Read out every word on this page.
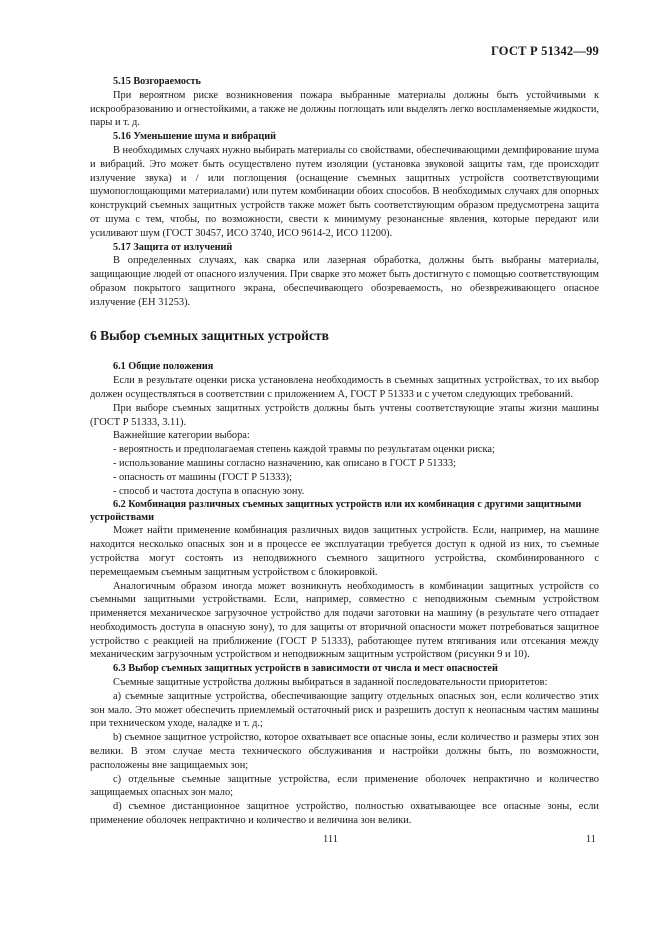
ГОСТ Р 51342—99

5.15 Возгораемость

При вероятном риске возникновения пожара выбранные материалы должны быть устойчивыми к искрообразованию и огнестойкими, а также не должны поглощать или выделять легко воспламеняемые жидкости, пары и т. д.

5.16 Уменьшение шума и вибраций

В необходимых случаях нужно выбирать материалы со свойствами, обеспечивающими демпфирование шума и вибраций. Это может быть осуществлено путем изоляции (установка звуковой защиты там, где происходит излучение звука) и / или поглощения (оснащение съемных защитных устройств соответствующими шумопоглощающими материалами) или путем комбинации обоих способов. В необходимых случаях для опорных конструкций съемных защитных устройств также может быть соответствующим образом предусмотрена защита от шума с тем, чтобы, по возможности, свести к минимуму резонансные явления, которые передают или усиливают шум (ГОСТ 30457, ИСО 3740, ИСО 9614-2, ИСО 11200).

5.17 Защита от излучений

В определенных случаях, как сварка или лазерная обработка, должны быть выбраны материалы, защищающие людей от опасного излучения. При сварке это может быть достигнуто с помощью соответствующим образом покрытого защитного экрана, обеспечивающего обозреваемость, но обезвреживающего опасное излучение (ЕН 31253).

6 Выбор съемных защитных устройств

6.1 Общие положения

Если в результате оценки риска установлена необходимость в съемных защитных устройствах, то их выбор должен осуществляться в соответствии с приложением А, ГОСТ Р 51333 и с учетом следующих требований.

При выборе съемных защитных устройств должны быть учтены соответствующие этапы жизни машины (ГОСТ Р 51333, 3.11).

Важнейшие категории выбора:

- вероятность и предполагаемая степень каждой травмы по результатам оценки риска;

- использование машины согласно назначению, как описано в ГОСТ Р 51333;

- опасность от машины (ГОСТ Р 51333);

- способ и частота доступа в опасную зону.

6.2 Комбинация различных съемных защитных устройств или их комбинация с другими защитными устройствами

Может найти применение комбинация различных видов защитных устройств. Если, например, на машине находится несколько опасных зон и в процессе ее эксплуатации требуется доступ к одной из них, то съемные устройства могут состоять из неподвижного съемного защитного устройства, скомбинированного с перемещаемым съемным защитным устройством с блокировкой.

Аналогичным образом иногда может возникнуть необходимость в комбинации защитных устройств со съемными защитными устройствами. Если, например, совместно с неподвижным съемным устройством применяется механическое загрузочное устройство для подачи заготовки на машину (в результате чего отпадает необходимость доступа в опасную зону), то для защиты от вторичной опасности может потребоваться защитное устройство с реакцией на приближение (ГОСТ Р 51333), работающее путем втягивания или отсекания между механическим загрузочным устройством и неподвижным защитным устройством (рисунки 9 и 10).

6.3 Выбор съемных защитных устройств в зависимости от числа и мест опасностей

Съемные защитные устройства должны выбираться в заданной последовательности приоритетов:

а) съемные защитные устройства, обеспечивающие защиту отдельных опасных зон, если количество этих зон мало. Это может обеспечить приемлемый остаточный риск и разрешить доступ к неопасным частям машины при техническом уходе, наладке и т. д.;

b) съемное защитное устройство, которое охватывает все опасные зоны, если количество и размеры этих зон велики. В этом случае места технического обслуживания и настройки должны быть, по возможности, расположены вне защищаемых зон;

с) отдельные съемные защитные устройства, если применение оболочек непрактично и количество защищаемых опасных зон мало;

d) съемное дистанционное защитное устройство, полностью охватывающее все опасные зоны, если применение оболочек непрактично и количество и величина зон велики.

111	11
